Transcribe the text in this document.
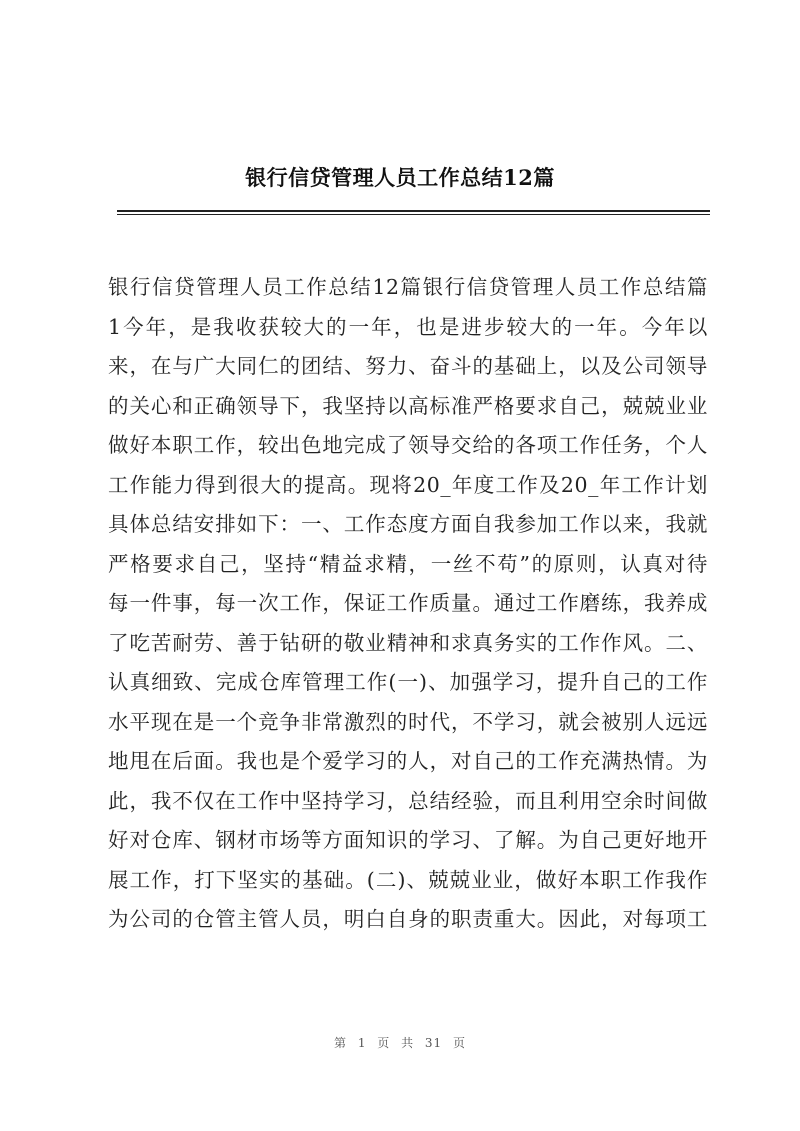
银行信贷管理人员工作总结12篇
银行信贷管理人员工作总结12篇银行信贷管理人员工作总结篇
1今年，是我收获较大的一年，也是进步较大的一年。今年以
来，在与广大同仁的团结、努力、奋斗的基础上，以及公司领导
的关心和正确领导下，我坚持以高标准严格要求自己，兢兢业业
做好本职工作，较出色地完成了领导交给的各项工作任务，个人
工作能力得到很大的提高。现将20_年度工作及20_年工作计划
具体总结安排如下：一、工作态度方面自我参加工作以来，我就
严格要求自己，坚持“精益求精，一丝不苟”的原则，认真对待
每一件事，每一次工作，保证工作质量。通过工作磨练，我养成
了吃苦耐劳、善于钻研的敬业精神和求真务实的工作作风。二、
认真细致、完成仓库管理工作(一)、加强学习，提升自己的工作
水平现在是一个竞争非常激烈的时代，不学习，就会被别人远远
地甩在后面。我也是个爱学习的人，对自己的工作充满热情。为
此，我不仅在工作中坚持学习，总结经验，而且利用空余时间做
好对仓库、钢材市场等方面知识的学习、了解。为自己更好地开
展工作，打下坚实的基础。(二)、兢兢业业，做好本职工作我作
为公司的仓管主管人员，明白自身的职责重大。因此，对每项工
第 1 页 共 31 页
